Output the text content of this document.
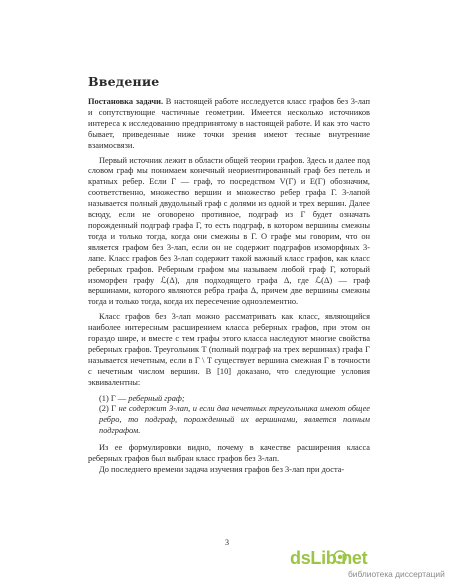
Введение

Постановка задачи. В настоящей работе исследуется класс графов без 3-лап и сопутствующие частичные геометрии. Имеется несколько источников интереса к исследованию предпринятому в настоящей работе. И как это часто бывает, приведенные ниже точки зрения имеют тесные внутренние взаимосвязи.

Первый источник лежит в области общей теории графов. Здесь и далее под словом граф мы понимаем конечный неориентированный граф без петель и кратных ребер. Если Γ — граф, то посредством V(Γ) и E(Γ) обозначим, соответственно, множество вершин и множество ребер графа Γ. 3-лапой называется полный двудольный граф с долями из одной и трех вершин. Далее всюду, если не оговорено противное, подграф из Γ будет означать порожденный подграф графа Γ, то есть подграф, в котором вершины смежны тогда и только тогда, когда они смежны в Γ. О графе мы говорим, что он является графом без 3-лап, если он не содержит подграфов изоморфных 3-лапе. Класс графов без 3-лап содержит такой важный класс графов, как класс реберных графов. Реберным графом мы называем любой граф Γ, который изоморфен графу ℒ(Δ), для подходящего графа Δ, где ℒ(Δ) — граф вершинами, которого являются ребра графа Δ, причем две вершины смежны тогда и только тогда, когда их пересечение одноэлементно.

Класс графов без 3-лап можно рассматривать как класс, являющийся наиболее интересным расширением класса реберных графов, при этом он гораздо шире, и вместе с тем графы этого класса наследуют многие свойства реберных графов. Треугольник T (полный подграф на трех вершинах) графа Γ называется нечетным, если в Γ \ T существует вершина смежная Г в точности с нечетным числом вершин. В [10] доказано, что следующие условия эквивалентны:

(1) Γ — реберный граф;

(2) Γ не содержит 3-лап, и если два нечетных треугольника имеют общее ребро, то подграф, порожденный их вершинами, является полным подграфом.

Из ее формулировки видно, почему в качестве расширения класса реберных графов был выбран класс графов без 3-лап.

До последнего времени задача изучения графов без 3-лап при доста-

3
dsLib.net
библиотека диссертаций
